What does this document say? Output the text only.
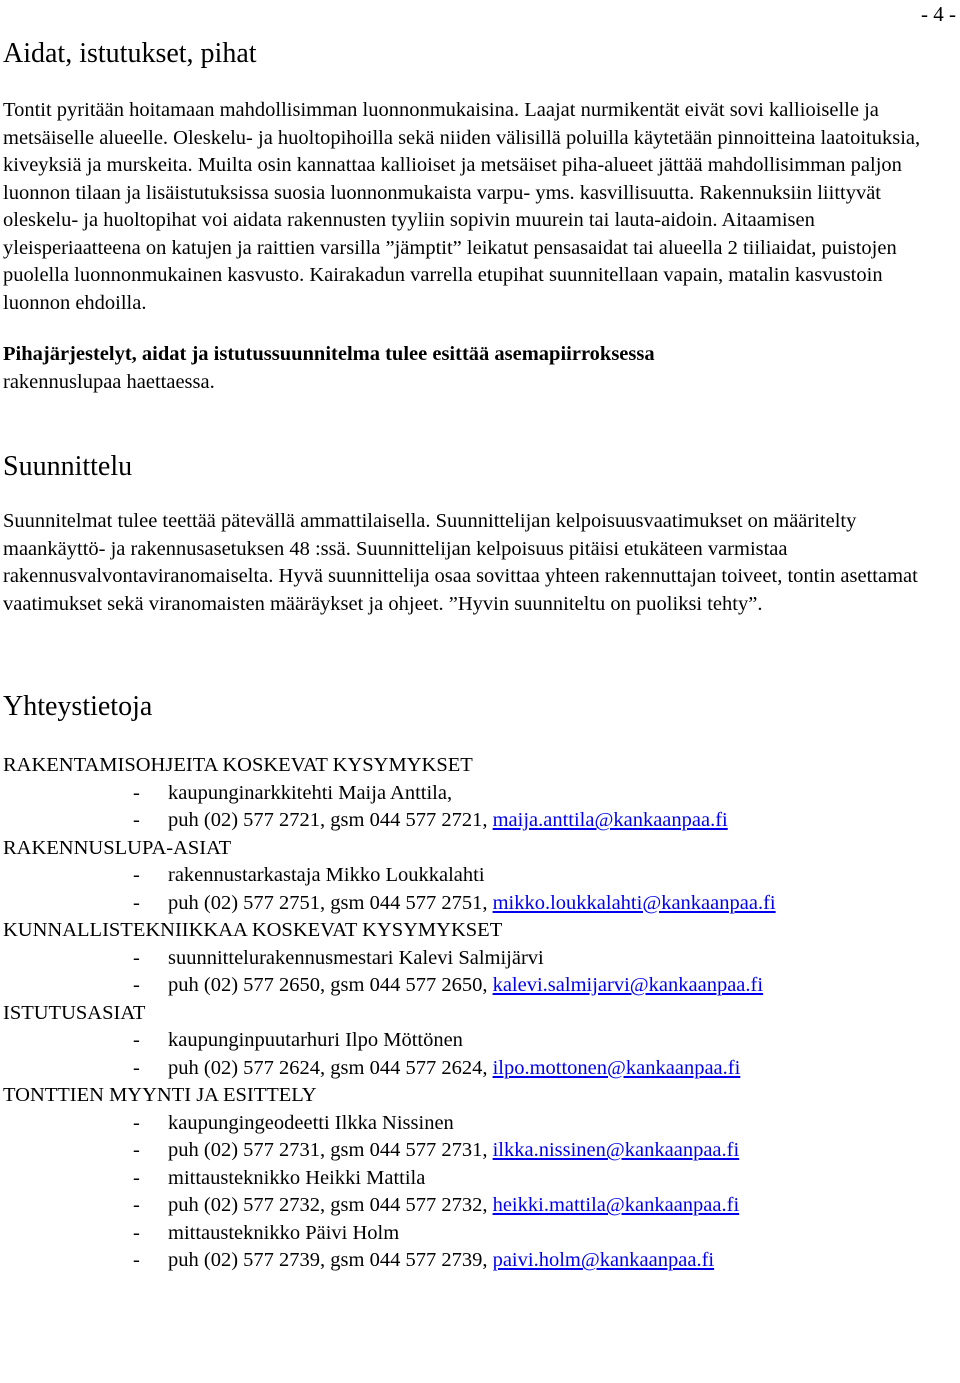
- 4 -
Aidat, istutukset, pihat

Tontit pyritään hoitamaan mahdollisimman luonnonmukaisina. Laajat nurmikentät eivät sovi kallioiselle ja metsäiselle alueelle. Oleskelu- ja huoltopihoilla sekä niiden välisillä poluilla käytetään pinnoitteina laatoituksia, kiveyksiä ja murskeita. Muilta osin kannattaa kallioiset ja metsäiset piha-alueet jättää mahdollisimman paljon luonnon tilaan ja lisäistutuksissa suosia luonnonmukaista varpu- yms. kasvillisuutta. Rakennuksiin liittyvät oleskelu- ja huoltopihat voi aidata rakennusten tyyliin sopivin muurein tai lauta-aidoin. Aitaamisen yleisperiaatteena on katujen ja raittien varsilla ”jämptit” leikatut pensasaidat tai alueella 2 tiiliaidat, puistojen puolella luonnonmukainen kasvusto. Kairakadun varrella etupihat suunnitellaan vapain, matalin kasvustoin luonnon ehdoilla.

Pihajärjestelyt, aidat ja istutussuunnitelma tulee esittää asemapiirroksessa
rakennuslupaa haettaessa.

Suunnittelu

Suunnitelmat tulee teettää pätevällä ammattilaisella. Suunnittelijan kelpoisuusvaatimukset on määritelty maankäyttö- ja rakennusasetuksen 48 :ssä. Suunnittelijan kelpoisuus pitäisi etukäteen varmistaa rakennusvalvontaviranomaiselta. Hyvä suunnittelija osaa sovittaa yhteen rakennuttajan toiveet, tontin asettamat vaatimukset sekä viranomaisten määräykset ja ohjeet. ”Hyvin suunniteltu on puoliksi tehty”.

Yhteystietoja
RAKENTAMISOHJEITA KOSKEVAT KYSYMYKSET
- kaupunginarkkitehti Maija Anttila,
- puh (02) 577 2721, gsm 044 577 2721, maija.anttila@kankaanpaa.fi
RAKENNUSLUPA-ASIAT
- rakennustarkastaja Mikko Loukkalahti
- puh (02) 577 2751, gsm 044 577 2751, mikko.loukkalahti@kankaanpaa.fi
KUNNALLISTEKNIIKKAA KOSKEVAT KYSYMYKSET
- suunnittelurakennusmestari Kalevi Salmijärvi
- puh (02) 577 2650, gsm 044 577 2650, kalevi.salmijarvi@kankaanpaa.fi
ISTUTUSASIAT
- kaupunginpuutarhuri Ilpo Möttönen
- puh (02) 577 2624, gsm 044 577 2624, ilpo.mottonen@kankaanpaa.fi
TONTTIEN MYYNTI JA ESITTELY
- kaupungingeodeetti Ilkka Nissinen
- puh (02) 577 2731, gsm 044 577 2731, ilkka.nissinen@kankaanpaa.fi
- mittausteknikko Heikki Mattila
- puh (02) 577 2732, gsm 044 577 2732, heikki.mattila@kankaanpaa.fi
- mittausteknikko Päivi Holm
- puh (02) 577 2739, gsm 044 577 2739, paivi.holm@kankaanpaa.fi
